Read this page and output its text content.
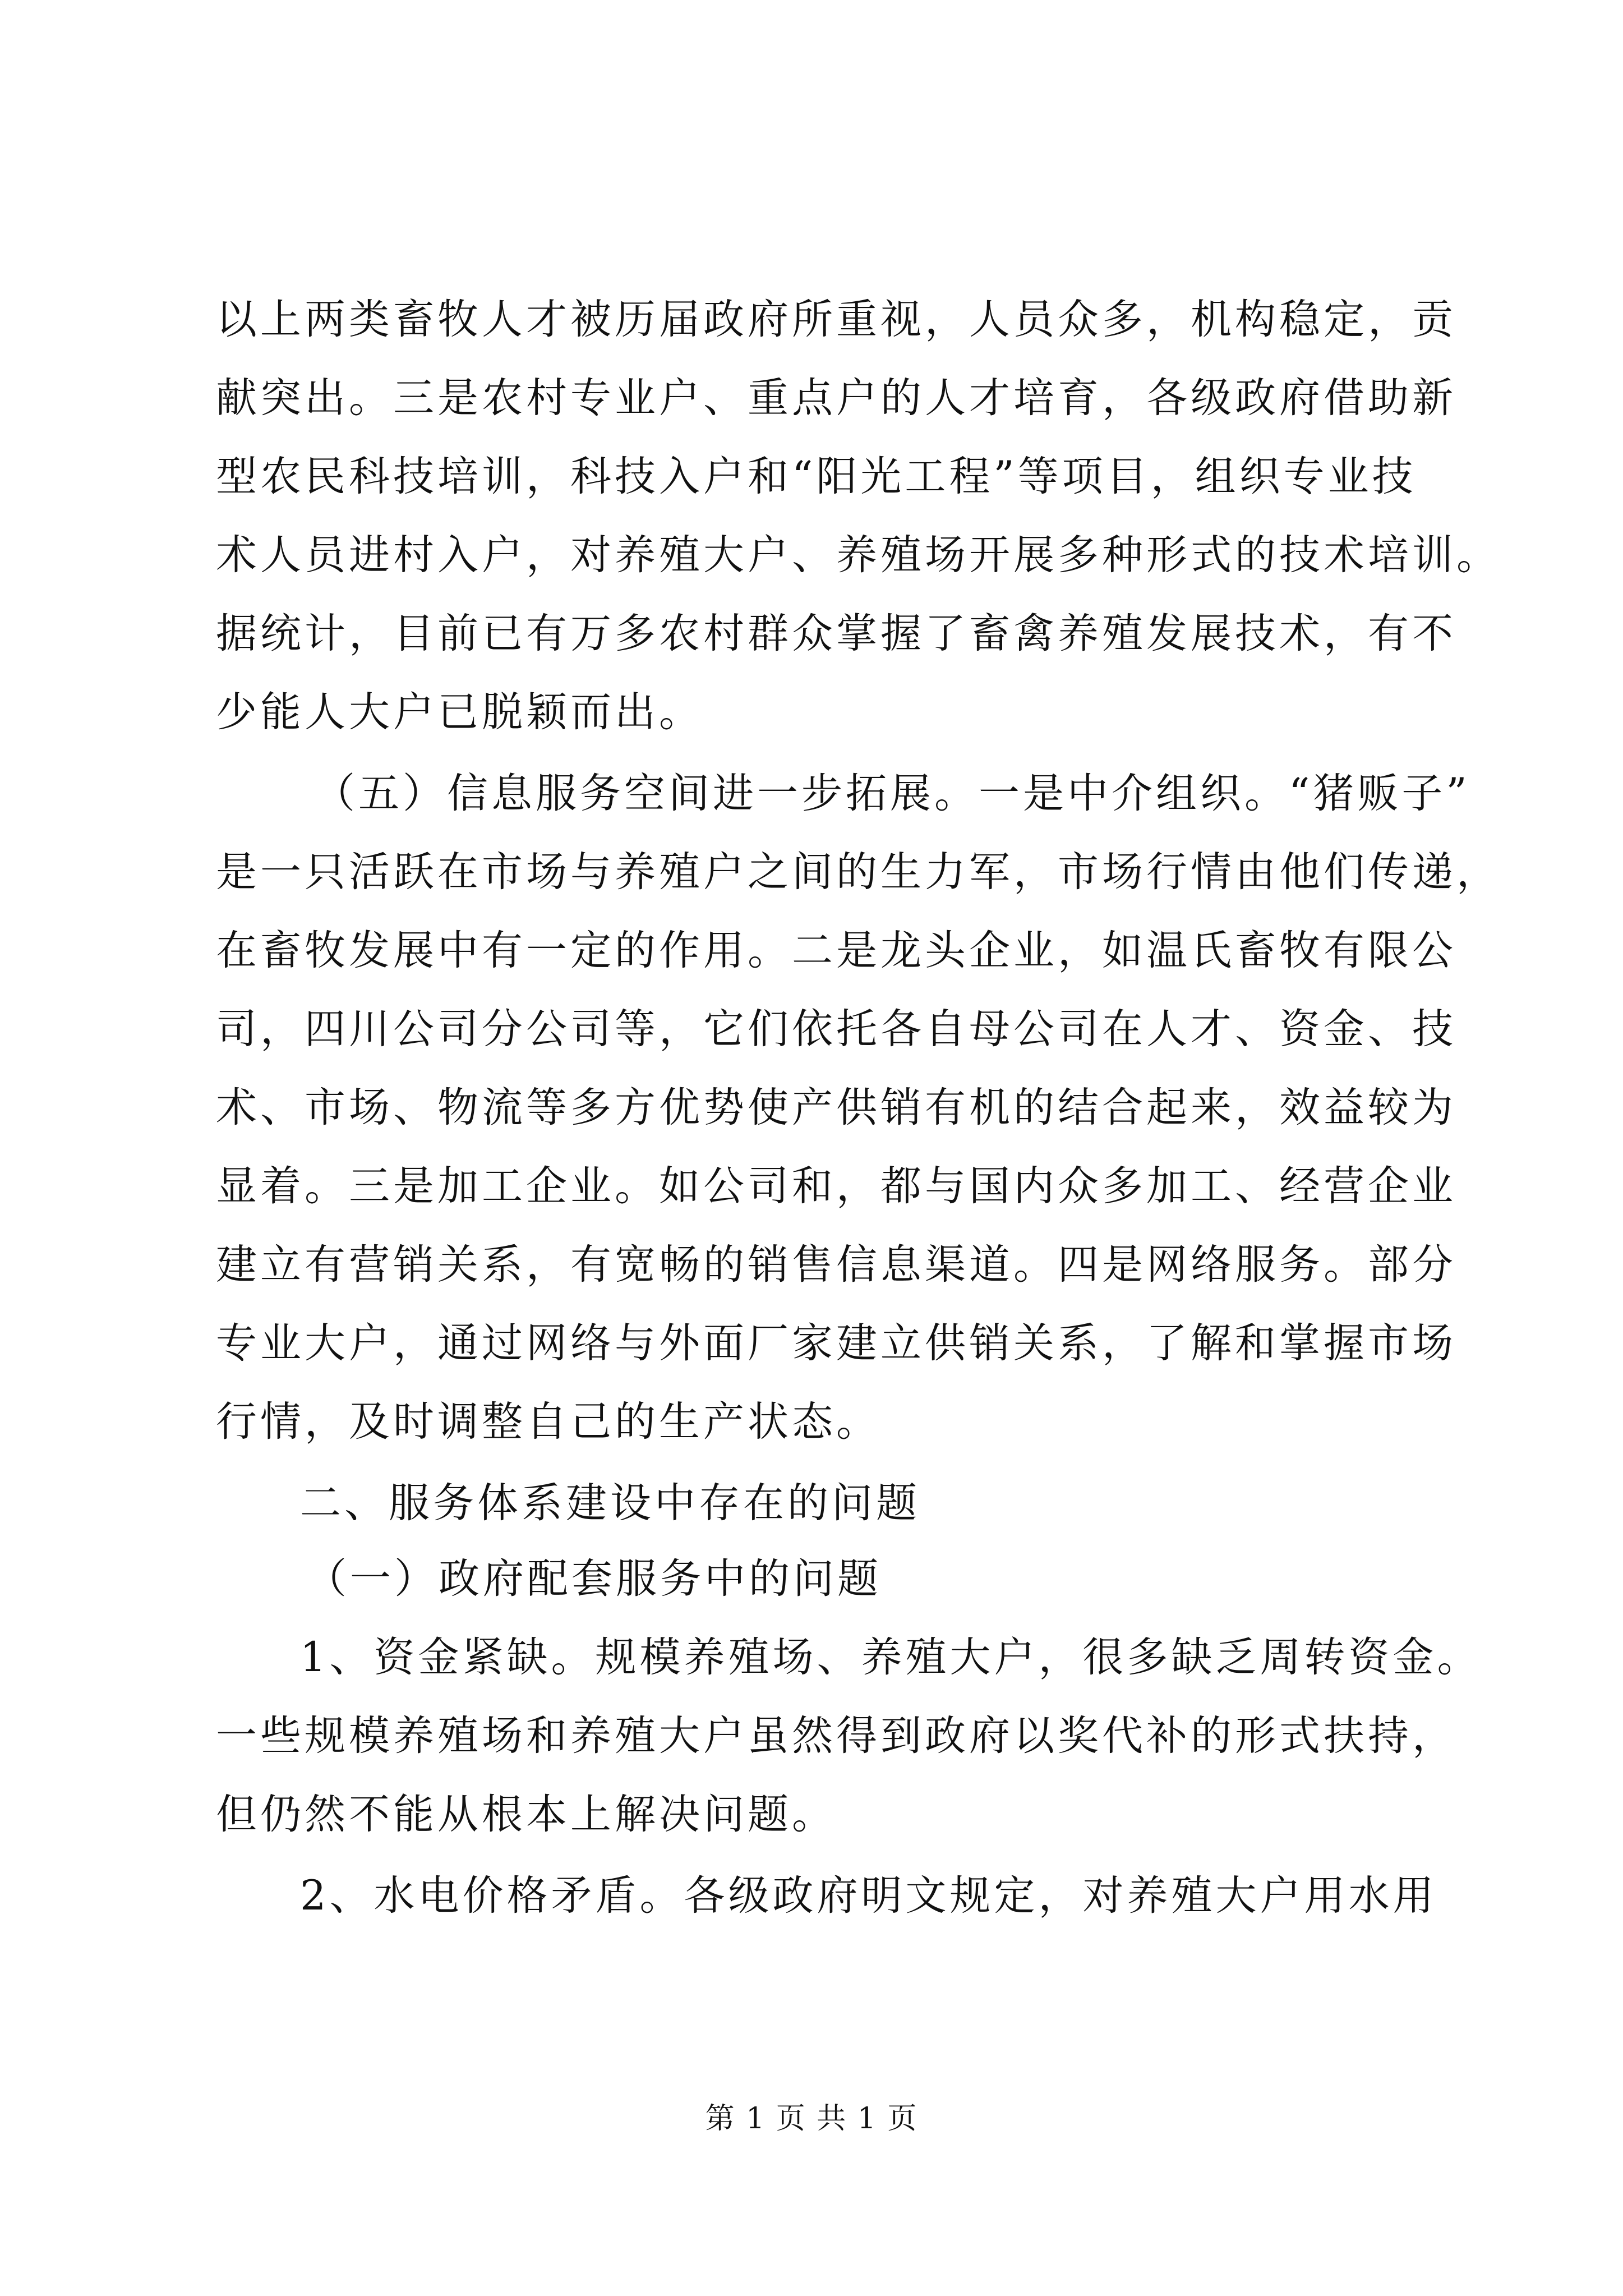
以上两类畜牧人才被历届政府所重视，人员众多，机构稳定，贡

献突出。三是农村专业户、重点户的人才培育，各级政府借助新

型农民科技培训，科技入户和“阳光工程”等项目，组织专业技

术人员进村入户，对养殖大户、养殖场开展多种形式的技术培训。

据统计，目前已有万多农村群众掌握了畜禽养殖发展技术，有不

少能人大户已脱颖而出。

（五）信息服务空间进一步拓展。一是中介组织。“猪贩子”

是一只活跃在市场与养殖户之间的生力军，市场行情由他们传递，

在畜牧发展中有一定的作用。二是龙头企业，如温氏畜牧有限公

司，四川公司分公司等，它们依托各自母公司在人才、资金、技

术、市场、物流等多方优势使产供销有机的结合起来，效益较为

显着。三是加工企业。如公司和，都与国内众多加工、经营企业

建立有营销关系，有宽畅的销售信息渠道。四是网络服务。部分

专业大户，通过网络与外面厂家建立供销关系，了解和掌握市场

行情，及时调整自己的生产状态。

二、服务体系建设中存在的问题

（一）政府配套服务中的问题

1、资金紧缺。规模养殖场、养殖大户，很多缺乏周转资金。

一些规模养殖场和养殖大户虽然得到政府以奖代补的形式扶持，

但仍然不能从根本上解决问题。

2、水电价格矛盾。各级政府明文规定，对养殖大户用水用

第 1 页 共 1 页
